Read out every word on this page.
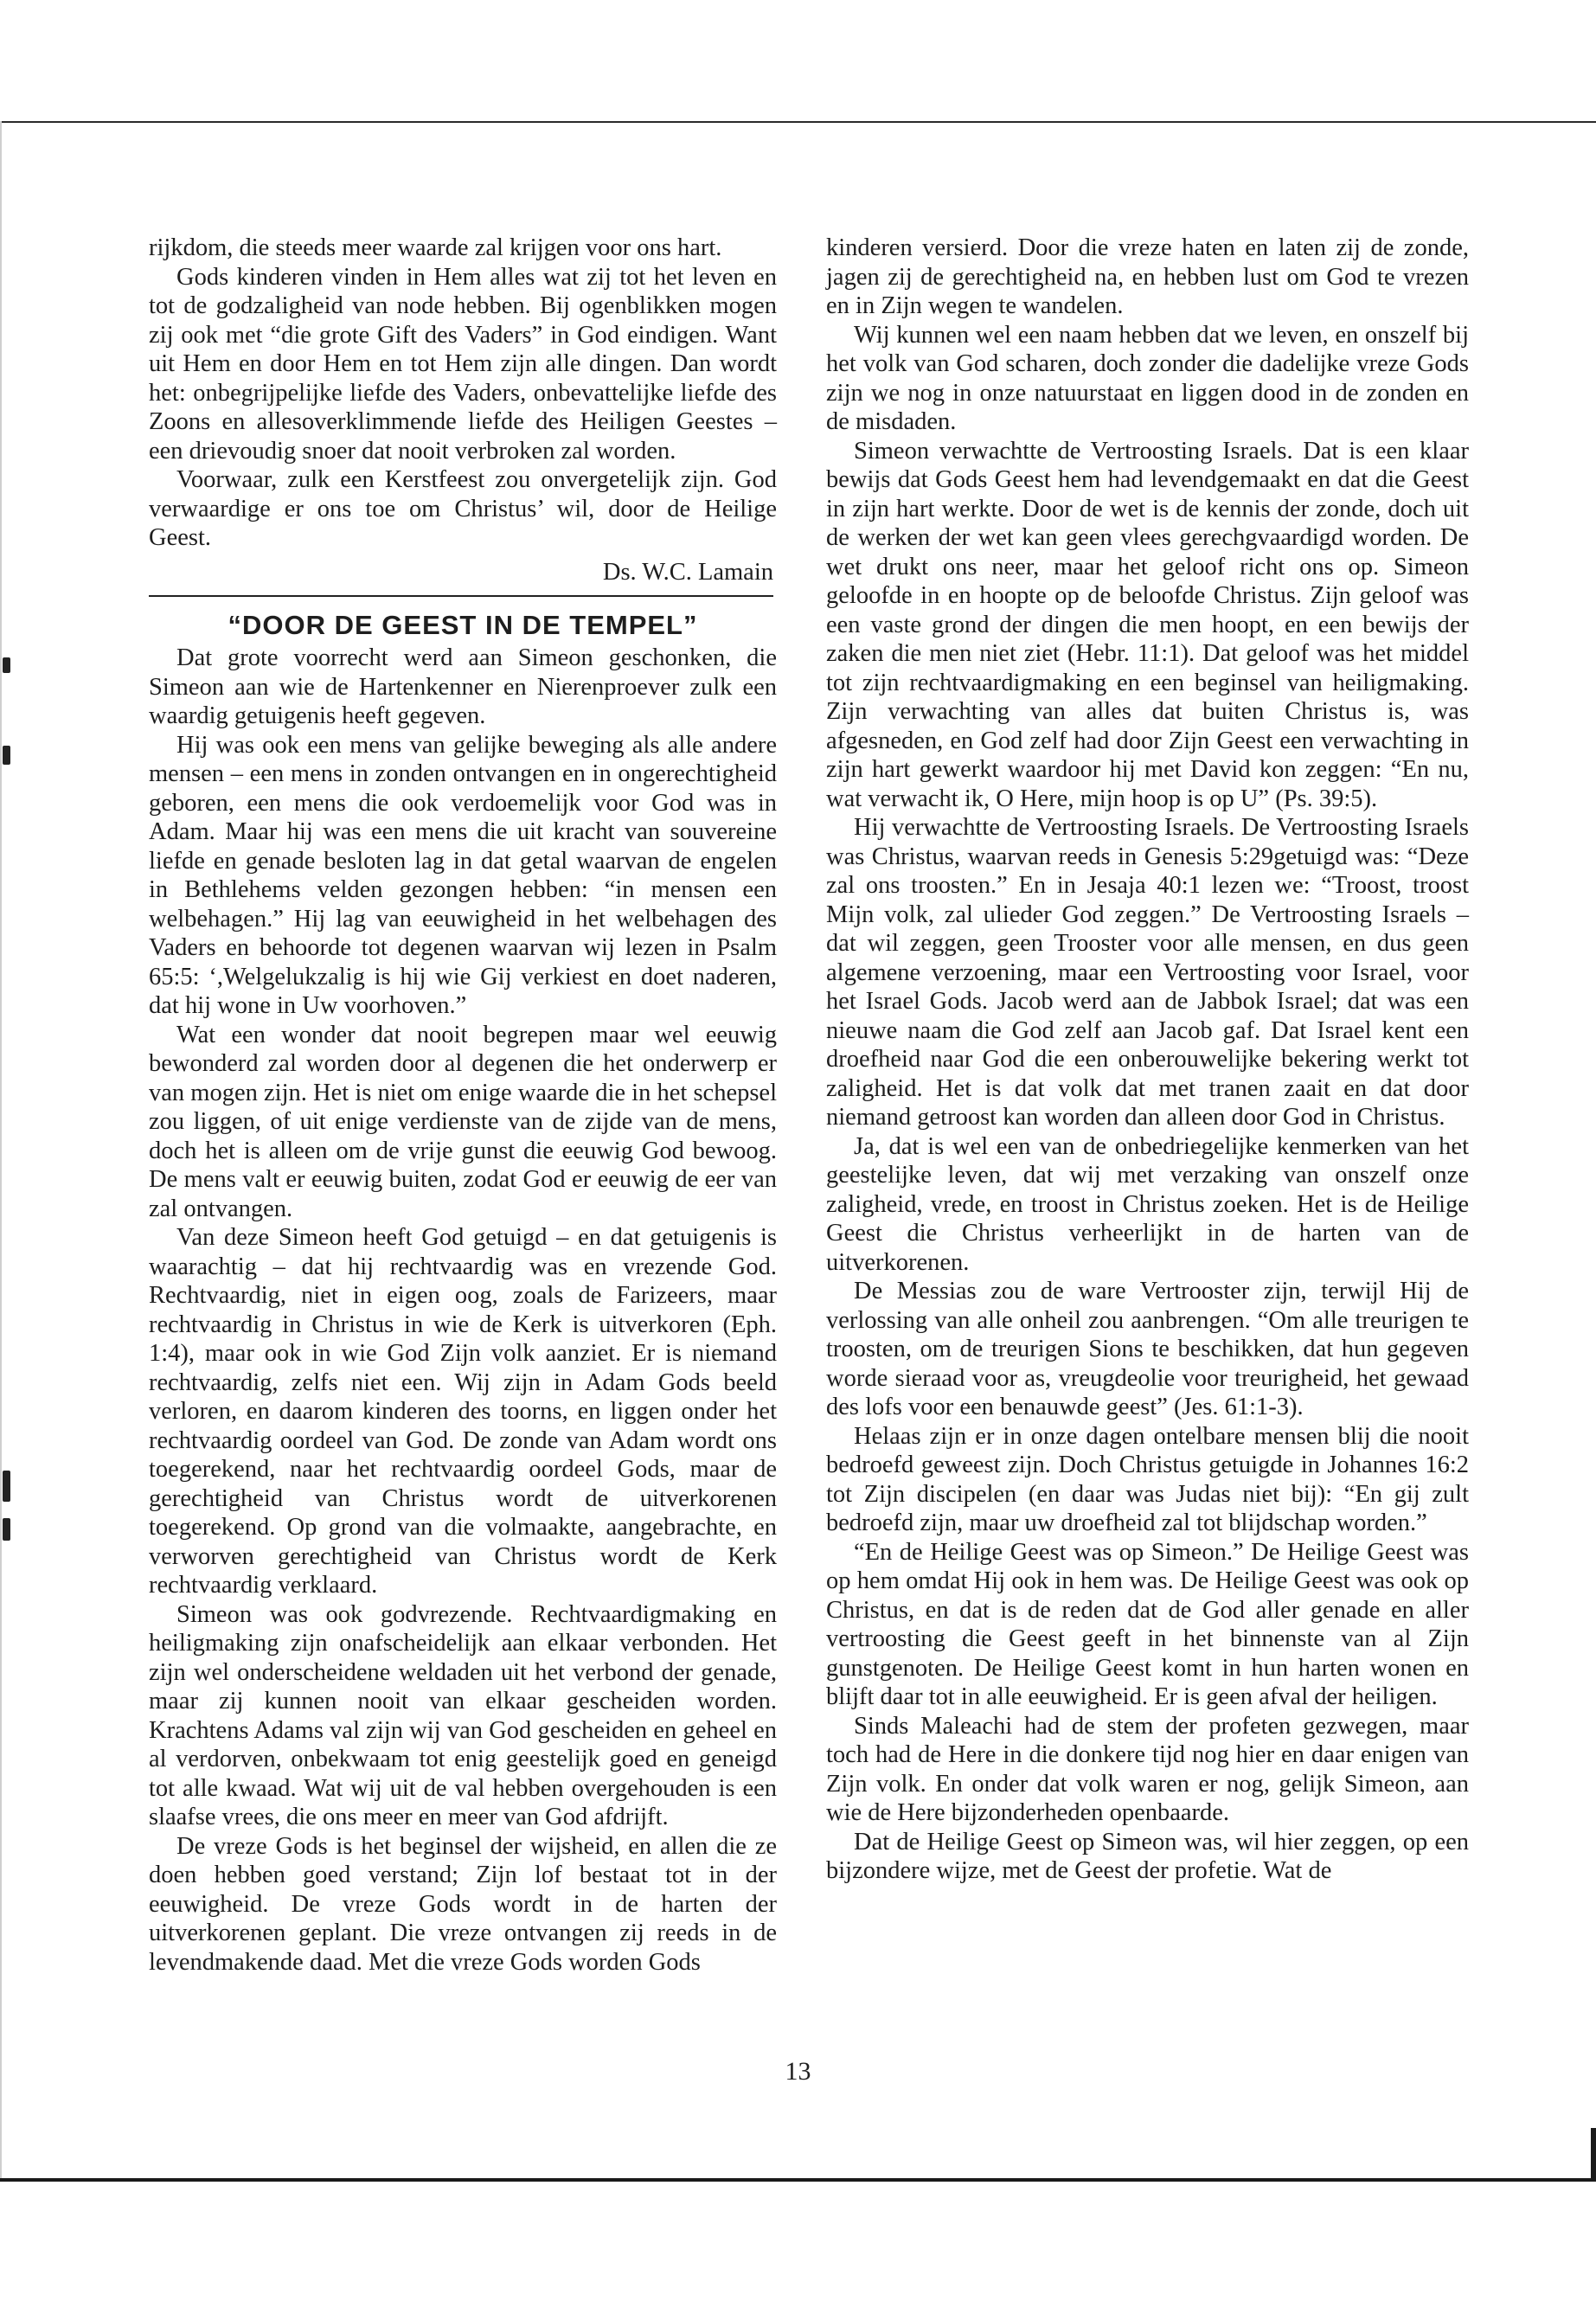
rijkdom, die steeds meer waarde zal krijgen voor ons hart.

Gods kinderen vinden in Hem alles wat zij tot het leven en tot de godzaligheid van node hebben. Bij ogenblikken mogen zij ook met “die grote Gift des Vaders” in God eindigen. Want uit Hem en door Hem en tot Hem zijn alle dingen. Dan wordt het: onbegrijpelijke liefde des Vaders, onbevattelijke liefde des Zoons en allesoverklimmende liefde des Heiligen Geestes – een drievoudig snoer dat nooit verbroken zal worden.

Voorwaar, zulk een Kerstfeest zou onvergetelijk zijn. God verwaardige er ons toe om Christus’ wil, door de Heilige Geest.

Ds. W.C. Lamain
“DOOR DE GEEST IN DE TEMPEL”

Dat grote voorrecht werd aan Simeon geschonken, die Simeon aan wie de Hartenkenner en Nierenproever zulk een waardig getuigenis heeft gegeven.

Hij was ook een mens van gelijke beweging als alle andere mensen – een mens in zonden ontvangen en in ongerechtigheid geboren, een mens die ook verdoemelijk voor God was in Adam. Maar hij was een mens die uit kracht van souvereine liefde en genade besloten lag in dat getal waarvan de engelen in Bethlehems velden gezongen hebben: “in mensen een welbehagen.” Hij lag van eeuwigheid in het welbehagen des Vaders en behoorde tot degenen waarvan wij lezen in Psalm 65:5: ‘,Welgelukzalig is hij wie Gij verkiest en doet naderen, dat hij wone in Uw voorhoven.”

Wat een wonder dat nooit begrepen maar wel eeuwig bewonderd zal worden door al degenen die het onderwerp er van mogen zijn. Het is niet om enige waarde die in het schepsel zou liggen, of uit enige verdienste van de zijde van de mens, doch het is alleen om de vrije gunst die eeuwig God bewoog. De mens valt er eeuwig buiten, zodat God er eeuwig de eer van zal ontvangen.

Van deze Simeon heeft God getuigd – en dat getuigenis is waarachtig – dat hij rechtvaardig was en vrezende God. Rechtvaardig, niet in eigen oog, zoals de Farizeers, maar rechtvaardig in Christus in wie de Kerk is uitverkoren (Eph. 1:4), maar ook in wie God Zijn volk aanziet. Er is niemand rechtvaardig, zelfs niet een. Wij zijn in Adam Gods beeld verloren, en daarom kinderen des toorns, en liggen onder het rechtvaardig oordeel van God. De zonde van Adam wordt ons toegerekend, naar het rechtvaardig oordeel Gods, maar de gerechtigheid van Christus wordt de uitverkorenen toegerekend. Op grond van die volmaakte, aangebrachte, en verworven gerechtigheid van Christus wordt de Kerk rechtvaardig verklaard.

Simeon was ook godvrezende. Rechtvaardigmaking en heiligmaking zijn onafscheidelijk aan elkaar verbonden. Het zijn wel onderscheidene weldaden uit het verbond der genade, maar zij kunnen nooit van elkaar gescheiden worden. Krachtens Adams val zijn wij van God gescheiden en geheel en al verdorven, onbekwaam tot enig geestelijk goed en geneigd tot alle kwaad. Wat wij uit de val hebben overgehouden is een slaafse vrees, die ons meer en meer van God afdrijft.

De vreze Gods is het beginsel der wijsheid, en allen die ze doen hebben goed verstand; Zijn lof bestaat tot in der eeuwigheid. De vreze Gods wordt in de harten der uitverkorenen geplant. Die vreze ontvangen zij reeds in de levendmakende daad. Met die vreze Gods worden Gods

kinderen versierd. Door die vreze haten en laten zij de zonde, jagen zij de gerechtigheid na, en hebben lust om God te vrezen en in Zijn wegen te wandelen.

Wij kunnen wel een naam hebben dat we leven, en onszelf bij het volk van God scharen, doch zonder die dadelijke vreze Gods zijn we nog in onze natuurstaat en liggen dood in de zonden en de misdaden.

Simeon verwachtte de Vertroosting Israels. Dat is een klaar bewijs dat Gods Geest hem had levendgemaakt en dat die Geest in zijn hart werkte. Door de wet is de kennis der zonde, doch uit de werken der wet kan geen vlees gerechgvaardigd worden. De wet drukt ons neer, maar het geloof richt ons op. Simeon geloofde in en hoopte op de beloofde Christus. Zijn geloof was een vaste grond der dingen die men hoopt, en een bewijs der zaken die men niet ziet (Hebr. 11:1). Dat geloof was het middel tot zijn rechtvaardigmaking en een beginsel van heiligmaking. Zijn verwachting van alles dat buiten Christus is, was afgesneden, en God zelf had door Zijn Geest een verwachting in zijn hart gewerkt waardoor hij met David kon zeggen: “En nu, wat verwacht ik, O Here, mijn hoop is op U” (Ps. 39:5).

Hij verwachtte de Vertroosting Israels. De Vertroosting Israels was Christus, waarvan reeds in Genesis 5:29getuigd was: “Deze zal ons troosten.” En in Jesaja 40:1 lezen we: “Troost, troost Mijn volk, zal ulieder God zeggen.” De Vertroosting Israels – dat wil zeggen, geen Trooster voor alle mensen, en dus geen algemene verzoening, maar een Vertroosting voor Israel, voor het Israel Gods. Jacob werd aan de Jabbok Israel; dat was een nieuwe naam die God zelf aan Jacob gaf. Dat Israel kent een droefheid naar God die een onberouwelijke bekering werkt tot zaligheid. Het is dat volk dat met tranen zaait en dat door niemand getroost kan worden dan alleen door God in Christus.

Ja, dat is wel een van de onbedriegelijke kenmerken van het geestelijke leven, dat wij met verzaking van onszelf onze zaligheid, vrede, en troost in Christus zoeken. Het is de Heilige Geest die Christus verheerlijkt in de harten van de uitverkorenen.

De Messias zou de ware Vertrooster zijn, terwijl Hij de verlossing van alle onheil zou aanbrengen. “Om alle treurigen te troosten, om de treurigen Sions te beschikken, dat hun gegeven worde sieraad voor as, vreugdeolie voor treurigheid, het gewaad des lofs voor een benauwde geest” (Jes. 61:1-3).

Helaas zijn er in onze dagen ontelbare mensen blij die nooit bedroefd geweest zijn. Doch Christus getuigde in Johannes 16:2 tot Zijn discipelen (en daar was Judas niet bij): “En gij zult bedroefd zijn, maar uw droefheid zal tot blijdschap worden.”

“En de Heilige Geest was op Simeon.” De Heilige Geest was op hem omdat Hij ook in hem was. De Heilige Geest was ook op Christus, en dat is de reden dat de God aller genade en aller vertroosting die Geest geeft in het binnenste van al Zijn gunstgenoten. De Heilige Geest komt in hun harten wonen en blijft daar tot in alle eeuwigheid. Er is geen afval der heiligen.

Sinds Maleachi had de stem der profeten gezwegen, maar toch had de Here in die donkere tijd nog hier en daar enigen van Zijn volk. En onder dat volk waren er nog, gelijk Simeon, aan wie de Here bijzonderheden openbaarde.

Dat de Heilige Geest op Simeon was, wil hier zeggen, op een bijzondere wijze, met de Geest der profetie. Wat de

13
